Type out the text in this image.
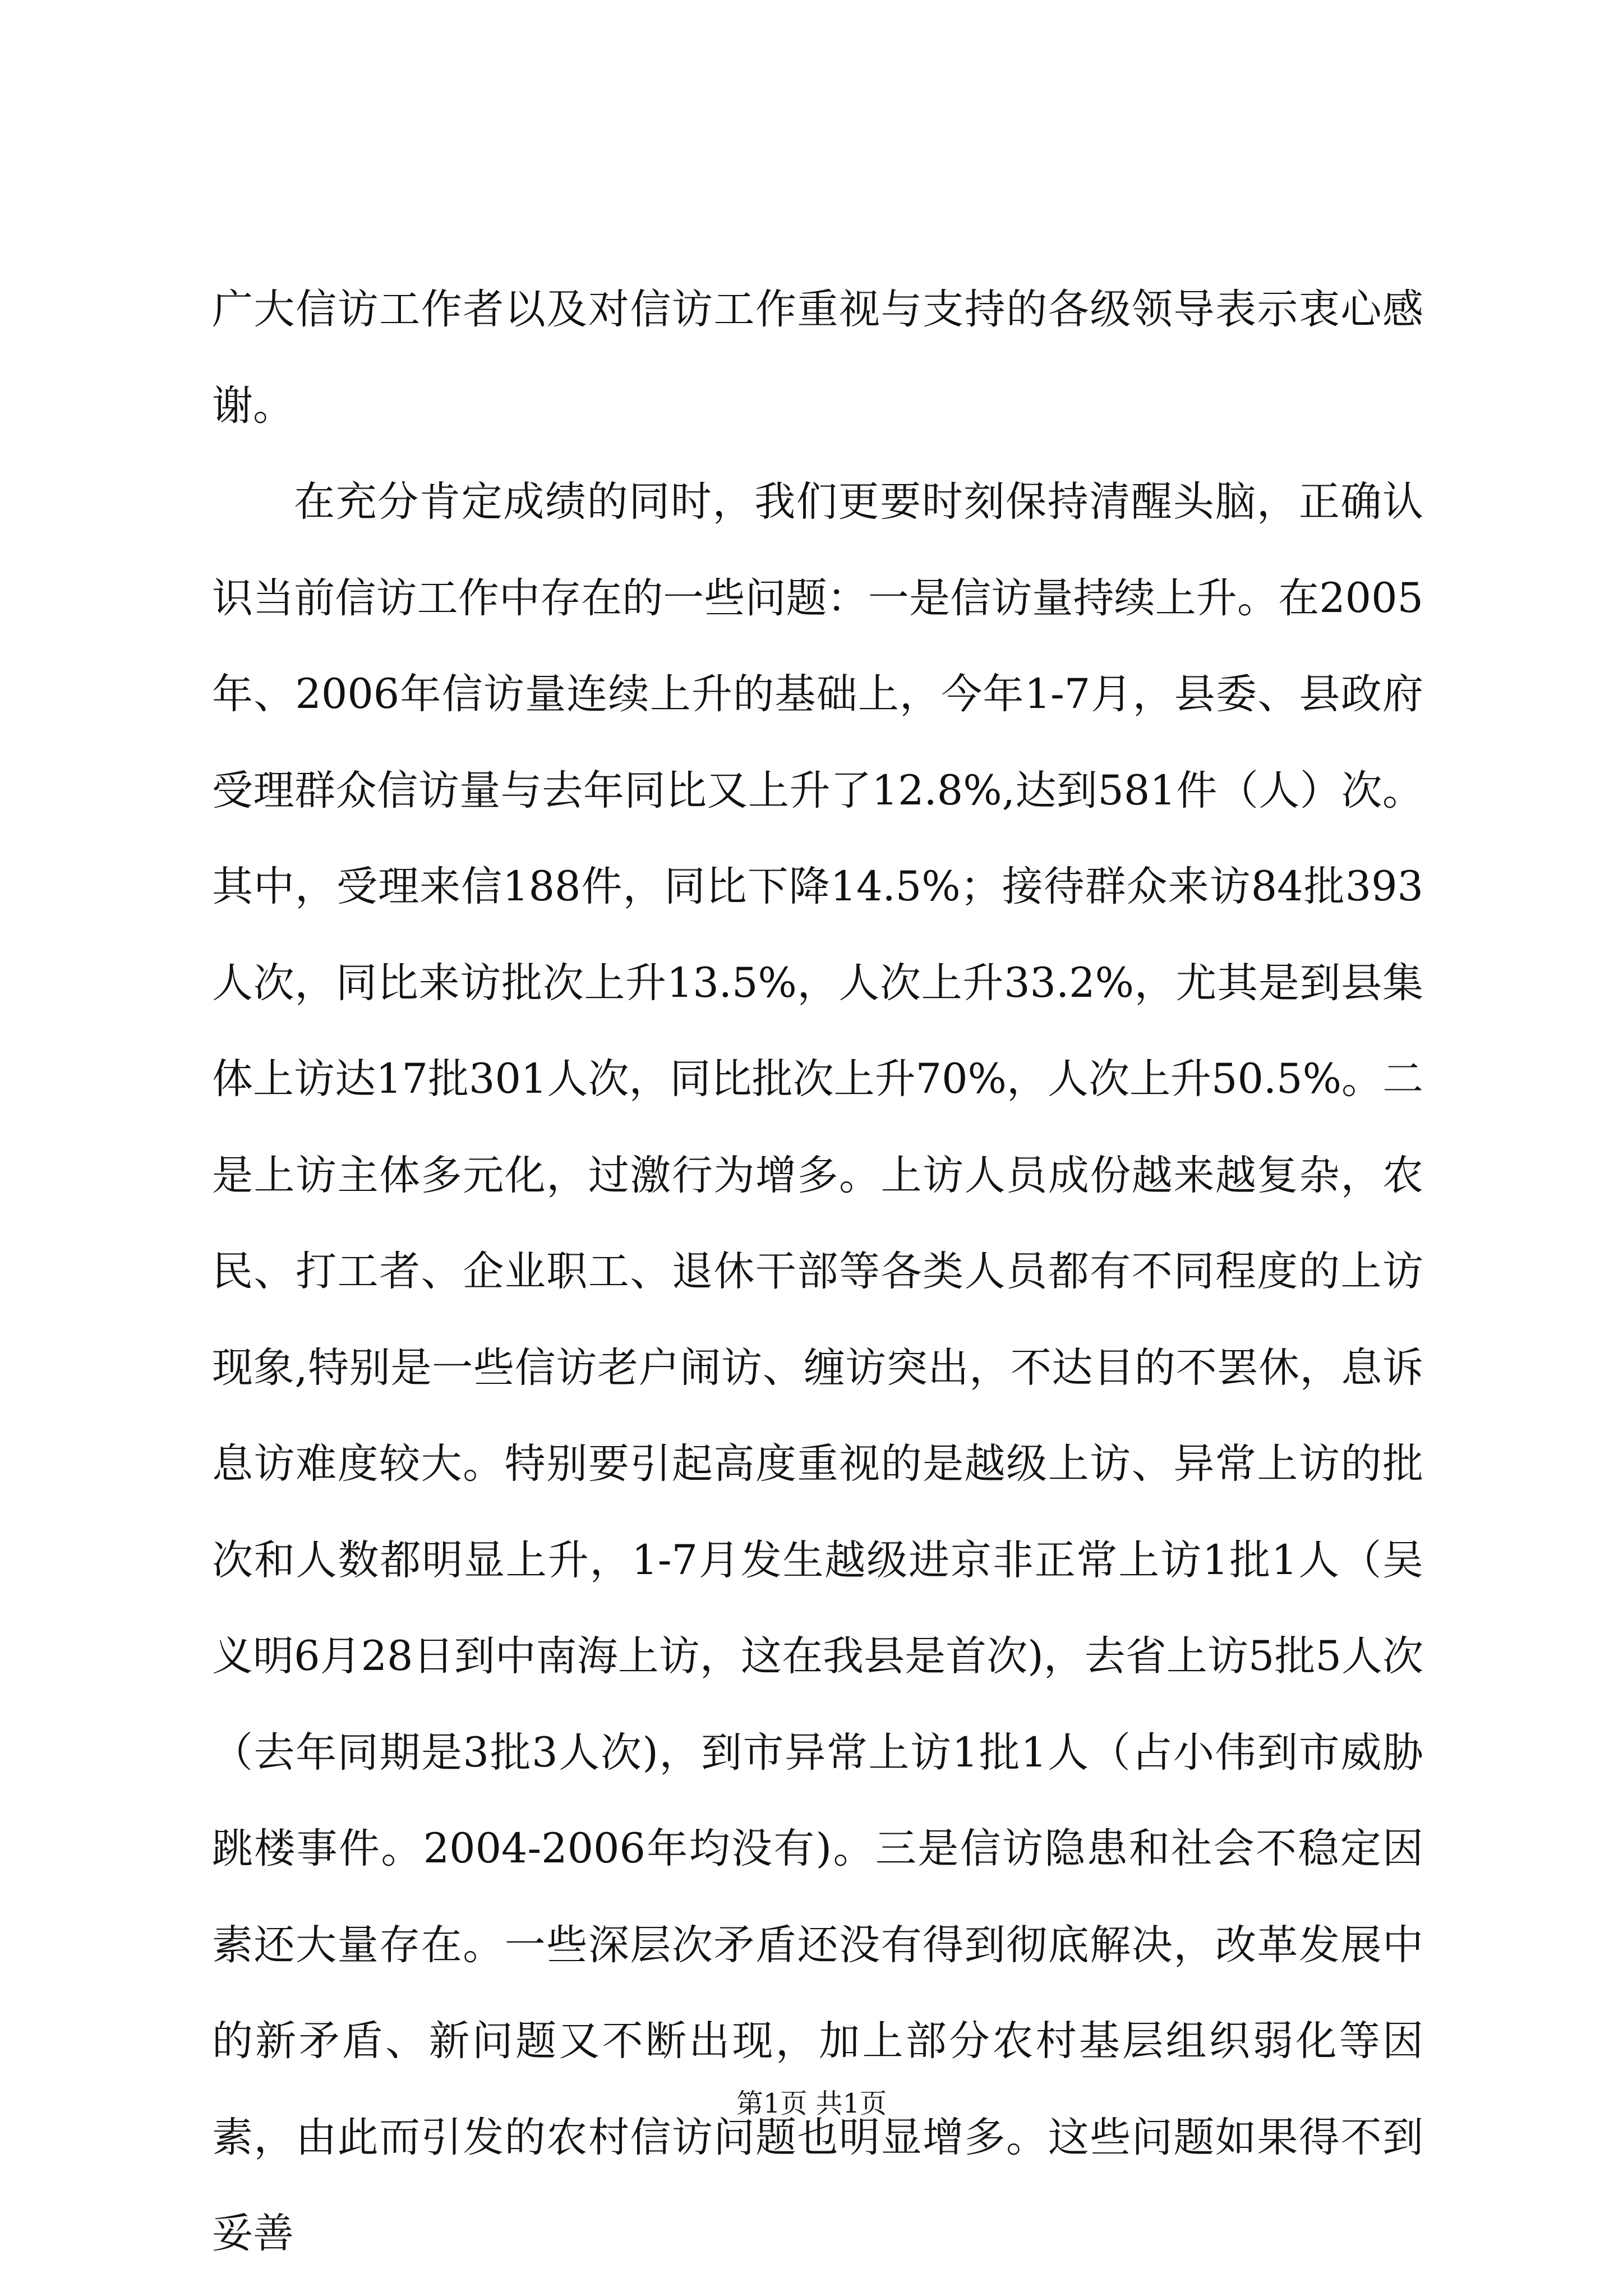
广大信访工作者以及对信访工作重视与支持的各级领导表示衷心感谢。

在充分肯定成绩的同时，我们更要时刻保持清醒头脑，正确认识当前信访工作中存在的一些问题：一是信访量持续上升。在2005年、2006年信访量连续上升的基础上，今年1-7月，县委、县政府受理群众信访量与去年同比又上升了12.8%,达到581件（人）次。其中，受理来信188件，同比下降14.5%；接待群众来访84批393人次，同比来访批次上升13.5%，人次上升33.2%，尤其是到县集体上访达17批301人次，同比批次上升70%，人次上升50.5%。二是上访主体多元化，过激行为增多。上访人员成份越来越复杂，农民、打工者、企业职工、退休干部等各类人员都有不同程度的上访现象,特别是一些信访老户闹访、缠访突出，不达目的不罢休，息诉息访难度较大。特别要引起高度重视的是越级上访、异常上访的批次和人数都明显上升，1-7月发生越级进京非正常上访1批1人（吴义明6月28日到中南海上访，这在我县是首次)，去省上访5批5人次（去年同期是3批3人次)，到市异常上访1批1人（占小伟到市威胁跳楼事件。2004-2006年均没有)。三是信访隐患和社会不稳定因素还大量存在。一些深层次矛盾还没有得到彻底解决，改革发展中的新矛盾、新问题又不断出现，加上部分农村基层组织弱化等因素，由此而引发的农村信访问题也明显增多。这些问题如果得不到妥善

第1页 共1页
